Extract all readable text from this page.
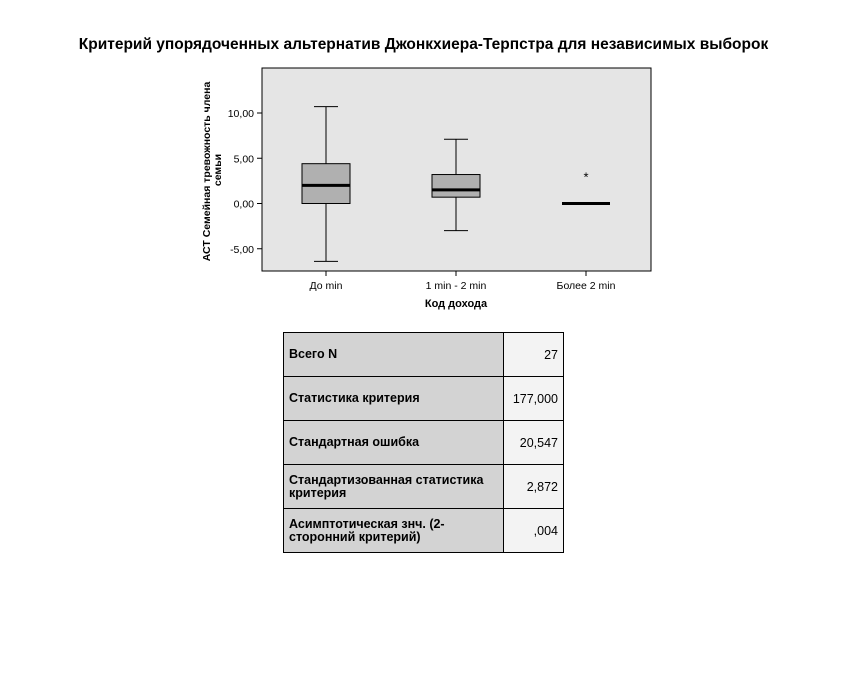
Критерий упорядоченных альтернатив Джонкхиера-Терпстра для независимых выборок
10,00
5,00
0,00
-5,00
До min	1 min - 2 min	Более 2 min
*
Код дохода
АСТ Семейная тревожность члена семьи
Всего N	27
Статистика критерия	177,000
Стандартная ошибка	20,547
Стандартизованная статистика критерия	2,872
Асимптотическая знч. (2-сторонний критерий)	,004
